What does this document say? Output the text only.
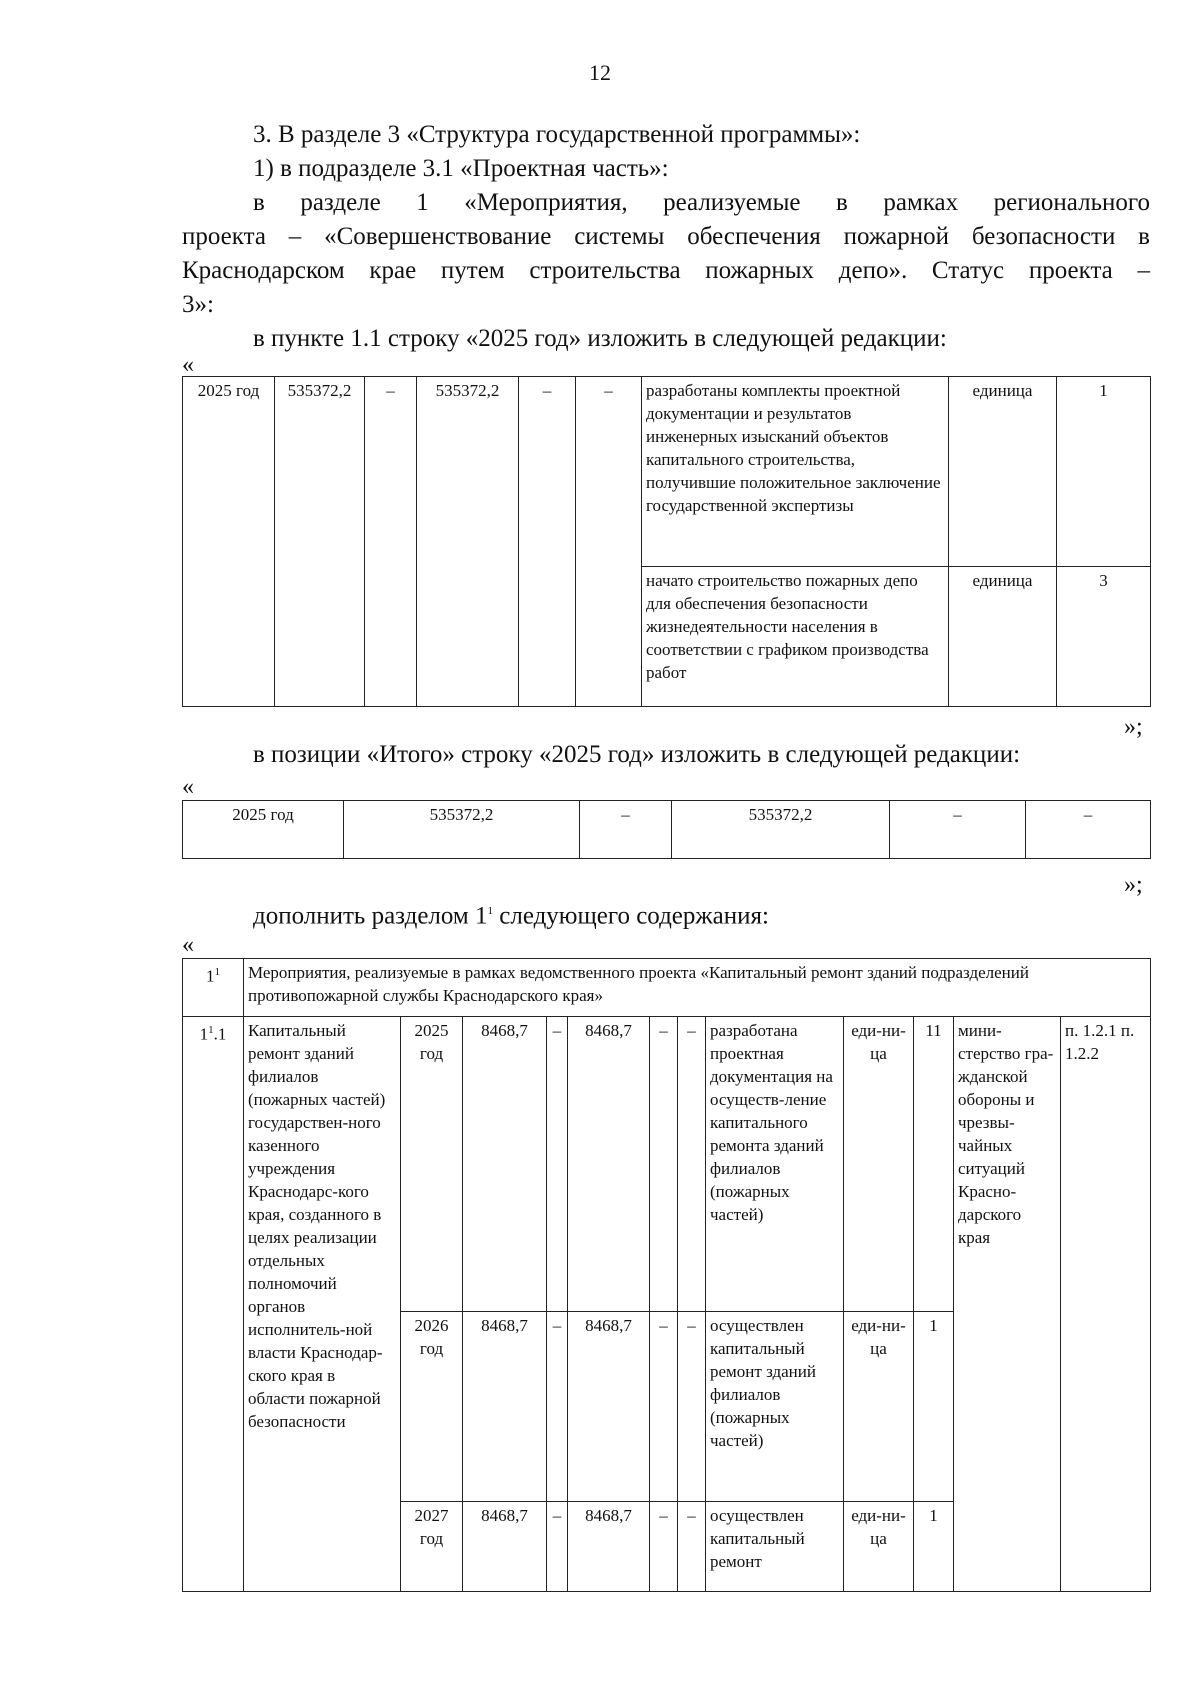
12
3. В разделе 3 «Структура государственной программы»:
1) в подразделе 3.1 «Проектная часть»:
в разделе 1 «Мероприятия, реализуемые в рамках регионального
проекта – «Совершенствование системы обеспечения пожарной безопасности в
Краснодарском крае путем строительства пожарных депо». Статус проекта –
3»:
в пункте 1.1 строку «2025 год» изложить в следующей редакции:
«
2025 год	535372,2	–	535372,2	–	–	разработаны комплекты проектной документации и результатов инженерных изысканий объектов капитального строительства, получившие положительное заключение государственной экспертизы	единица	1
						начато строительство пожарных депо для обеспечения безопасности жизнедеятельности населения в соответствии с графиком производства работ	единица	3
»;
в позиции «Итого» строку «2025 год» изложить в следующей редакции:
«
2025 год	535372,2	–	535372,2	–	–
»;
дополнить разделом $1^1$ следующего содержания:
«
$1^1$	Мероприятия, реализуемые в рамках ведомственного проекта «Капитальный ремонт зданий подразделений противопожарной службы Краснодарского края»											
$1^1.1$	Капитальный ремонт зданий филиалов (пожарных частей) государствен-ного казенного учреждения Краснодарс-кого края, созданного в целях реализации отдельных полномочий органов исполнитель-ной власти Краснодар-ского края в области пожарной безопасности	2025 год	8468,7	–	8468,7	–	–	разработана проектная документация на осуществ-ление капитального ремонта зданий филиалов (пожарных частей)	еди-ни-ца	11	мини-стерство гра-жданской обороны и чрезвы-чайных ситуаций Красно-дарского края	п. 1.2.1 п. 1.2.2
		2026 год	8468,7	–	8468,7	–	–	осуществлен капитальный ремонт зданий филиалов (пожарных частей)	еди-ни-ца	1		
		2027 год	8468,7	–	8468,7	–	–	осуществлен капитальный ремонт	еди-ни-ца	1		
